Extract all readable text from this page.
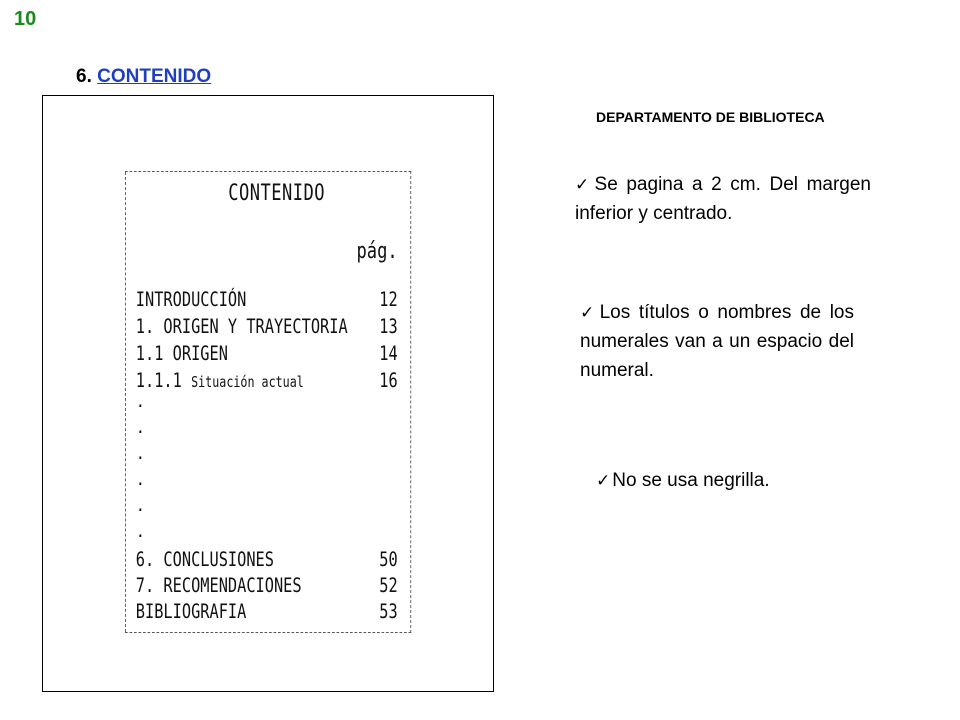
10
6. CONTENIDO
CONTENIDO
pág.
INTRODUCCIÓN	12
1. ORIGEN Y TRAYECTORIA 13
1.1 ORIGEN	14
1.1.1 Situación actual	16
.
.
.
.
.
.
6. CONCLUSIONES	50
7. RECOMENDACIONES	52
BIBLIOGRAFIA	53
DEPARTAMENTO DE BIBLIOTECA
✓ Se pagina a 2 cm. Del margen inferior y centrado.
✓ Los títulos o nombres de los numerales van a un espacio del numeral.
✓ No se usa negrilla.
